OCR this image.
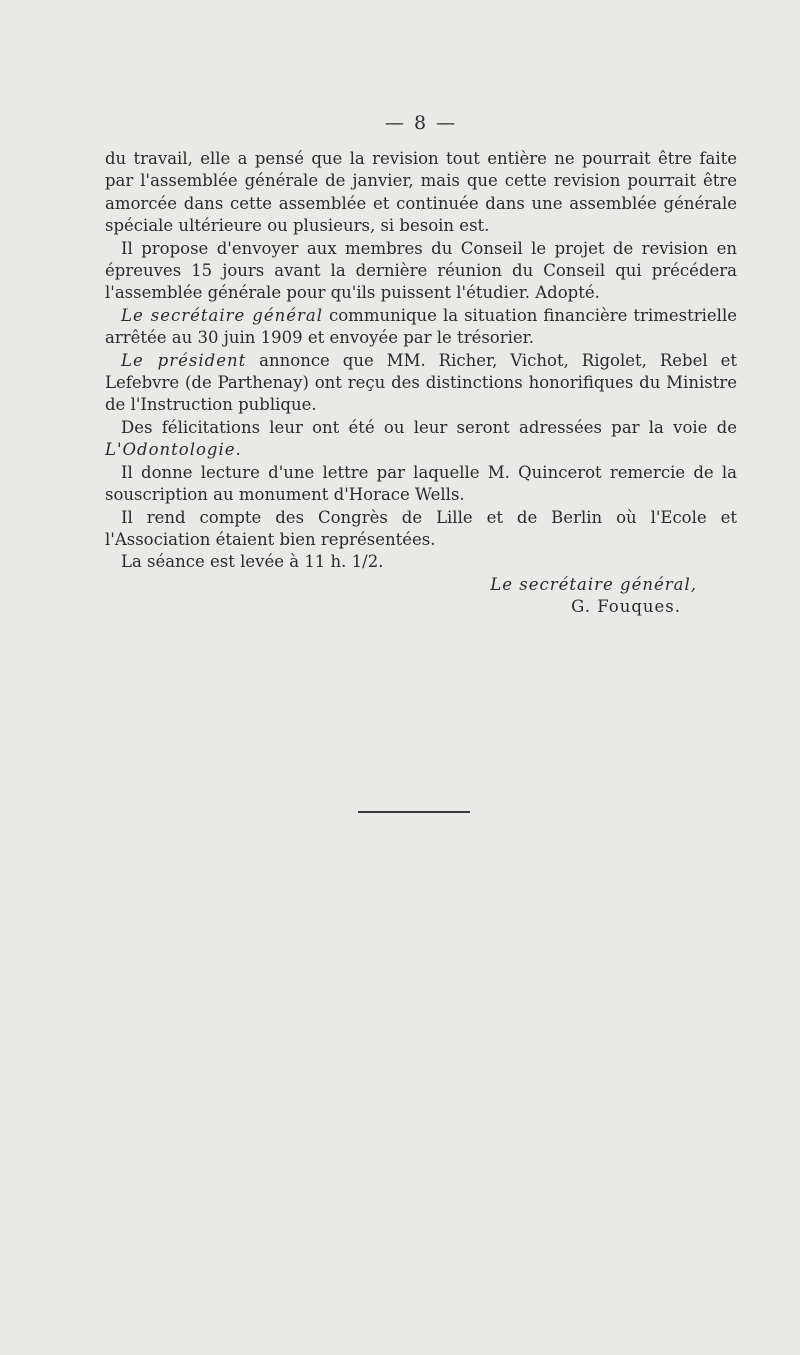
— 8 —

du travail, elle a pensé que la revision tout entière ne pourrait être faite par l'assemblée générale de janvier, mais que cette revision pourrait être amorcée dans cette assemblée et continuée dans une assemblée générale spéciale ultérieure ou plusieurs, si besoin est.

Il propose d'envoyer aux membres du Conseil le projet de revision en épreuves 15 jours avant la dernière réunion du Conseil qui précédera l'assemblée générale pour qu'ils puissent l'étudier. Adopté.

Le secrétaire général communique la situation financière trimestrielle arrêtée au 30 juin 1909 et envoyée par le trésorier.

Le président annonce que MM. Richer, Vichot, Rigolet, Rebel et Lefebvre (de Parthenay) ont reçu des distinctions honorifiques du Ministre de l'Instruction publique.

Des félicitations leur ont été ou leur seront adressées par la voie de L'Odontologie.

Il donne lecture d'une lettre par laquelle M. Quincerot remercie de la souscription au monument d'Horace Wells.

Il rend compte des Congrès de Lille et de Berlin où l'Ecole et l'Association étaient bien représentées.

La séance est levée à 11 h. 1/2.

Le secrétaire général,
G. Fouques.
